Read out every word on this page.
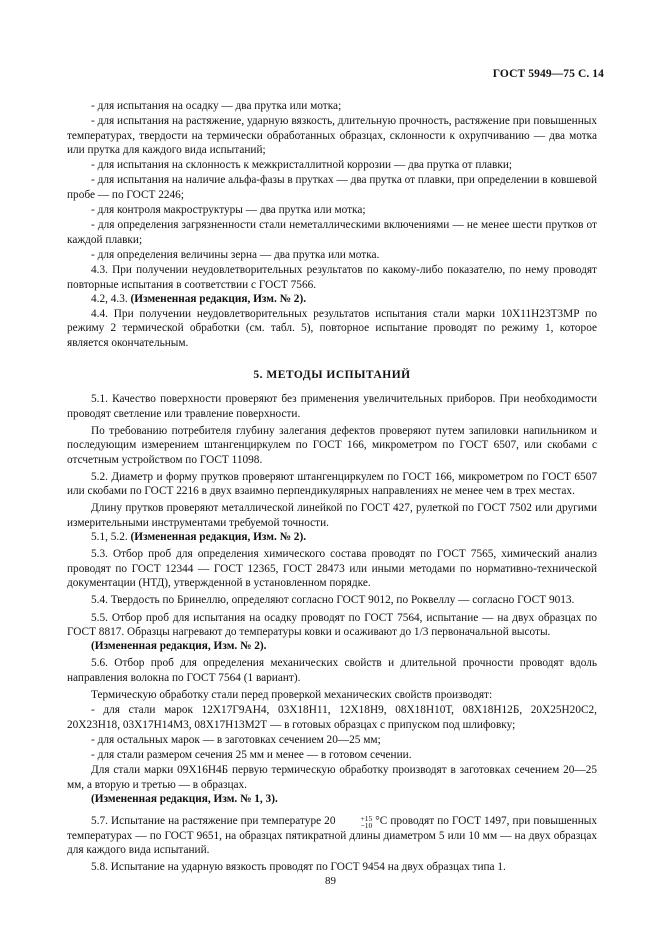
ГОСТ 5949—75 С. 14

- для испытания на осадку — два прутка или мотка;

- для испытания на растяжение, ударную вязкость, длительную прочность, растяжение при повышенных температурах, твердости на термически обработанных образцах, склонности к охрупчиванию — два мотка или прутка для каждого вида испытаний;

- для испытания на склонность к межкристаллитной коррозии — два прутка от плавки;

- для испытания на наличие альфа-фазы в прутках — два прутка от плавки, при определении в ковшевой пробе — по ГОСТ 2246;

- для контроля макроструктуры — два прутка или мотка;

- для определения загрязненности стали неметаллическими включениями — не менее шести прутков от каждой плавки;

- для определения величины зерна — два прутка или мотка.

4.3. При получении неудовлетворительных результатов по какому-либо показателю, по нему проводят повторные испытания в соответствии с ГОСТ 7566.

4.2, 4.3. (Измененная редакция, Изм. № 2).

4.4. При получении неудовлетворительных результатов испытания стали марки 10Х11Н23Т3МР по режиму 2 термической обработки (см. табл. 5), повторное испытание проводят по режиму 1, которое является окончательным.

5. МЕТОДЫ ИСПЫТАНИЙ

5.1. Качество поверхности проверяют без применения увеличительных приборов. При необходимости проводят светление или травление поверхности.

По требованию потребителя глубину залегания дефектов проверяют путем запиловки напильником и последующим измерением штангенциркулем по ГОСТ 166, микрометром по ГОСТ 6507, или скобами с отсчетным устройством по ГОСТ 11098.

5.2. Диаметр и форму прутков проверяют штангенциркулем по ГОСТ 166, микрометром по ГОСТ 6507 или скобами по ГОСТ 2216 в двух взаимно перпендикулярных направлениях не менее чем в трех местах.

Длину прутков проверяют металлической линейкой по ГОСТ 427, рулеткой по ГОСТ 7502 или другими измерительными инструментами требуемой точности.

5.1, 5.2. (Измененная редакция, Изм. № 2).

5.3. Отбор проб для определения химического состава проводят по ГОСТ 7565, химический анализ проводят по ГОСТ 12344 — ГОСТ 12365, ГОСТ 28473 или иными методами по нормативно-технической документации (НТД), утвержденной в установленном порядке.

5.4. Твердость по Бринеллю, определяют согласно ГОСТ 9012, по Роквеллу — согласно ГОСТ 9013.

5.5. Отбор проб для испытания на осадку проводят по ГОСТ 7564, испытание — на двух образцах по ГОСТ 8817. Образцы нагревают до температуры ковки и осаживают до 1/3 первоначальной высоты.

(Измененная редакция, Изм. № 2).

5.6. Отбор проб для определения механических свойств и длительной прочности проводят вдоль направления волокна по ГОСТ 7564 (1 вариант).

Термическую обработку стали перед проверкой механических свойств производят:

- для стали марок 12Х17Г9АН4, 03Х18Н11, 12Х18Н9, 08Х18Н10Т, 08Х18Н12Б, 20Х25Н20С2, 20Х23Н18, 03Х17Н14М3, 08Х17Н13М2Т — в готовых образцах с припуском под шлифовку;

- для остальных марок — в заготовках сечением 20—25 мм;

- для стали размером сечения 25 мм и менее — в готовом сечении.

Для стали марки 09Х16Н4Б первую термическую обработку производят в заготовках сечением 20—25 мм, а вторую и третью — в образцах.

(Измененная редакция, Изм. № 1, 3).

5.7. Испытание на растяжение при температуре 20	+15
−10 °С проводят по ГОСТ 1497, при повышенных температурах — по ГОСТ 9651, на образцах пятикратной длины диаметром 5 или 10 мм — на двух образцах для каждого вида испытаний.

5.8. Испытание на ударную вязкость проводят по ГОСТ 9454 на двух образцах типа 1.

89
